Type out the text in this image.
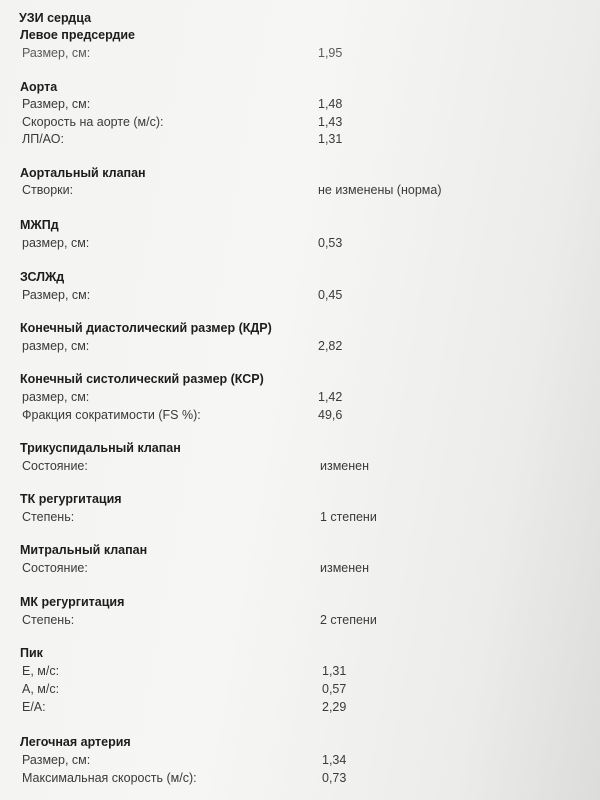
УЗИ сердца
Левое предсердие
Размер, см:	1,95
Аорта
Размер, см:	1,48
Скорость на аорте (м/с):	1,43
ЛП/АО:	1,31
Аортальный клапан
Створки:	не изменены (норма)
МЖПд
размер, см:	0,53
ЗСЛЖд
Размер, см:	0,45
Конечный диастолический размер (КДР)
размер, см:	2,82
Конечный систолический размер (КСР)
размер, см:	1,42
Фракция сократимости (FS %):	49,6
Трикуспидальный клапан
Состояние:	изменен
ТК регургитация
Степень:	1 степени
Митральный клапан
Состояние:	изменен
МК регургитация
Степень:	2 степени
Пик
E, м/с:	1,31
A, м/с:	0,57
E/A:	2,29
Легочная артерия
Размер, см:	1,34
Максимальная скорость (м/с):	0,73
